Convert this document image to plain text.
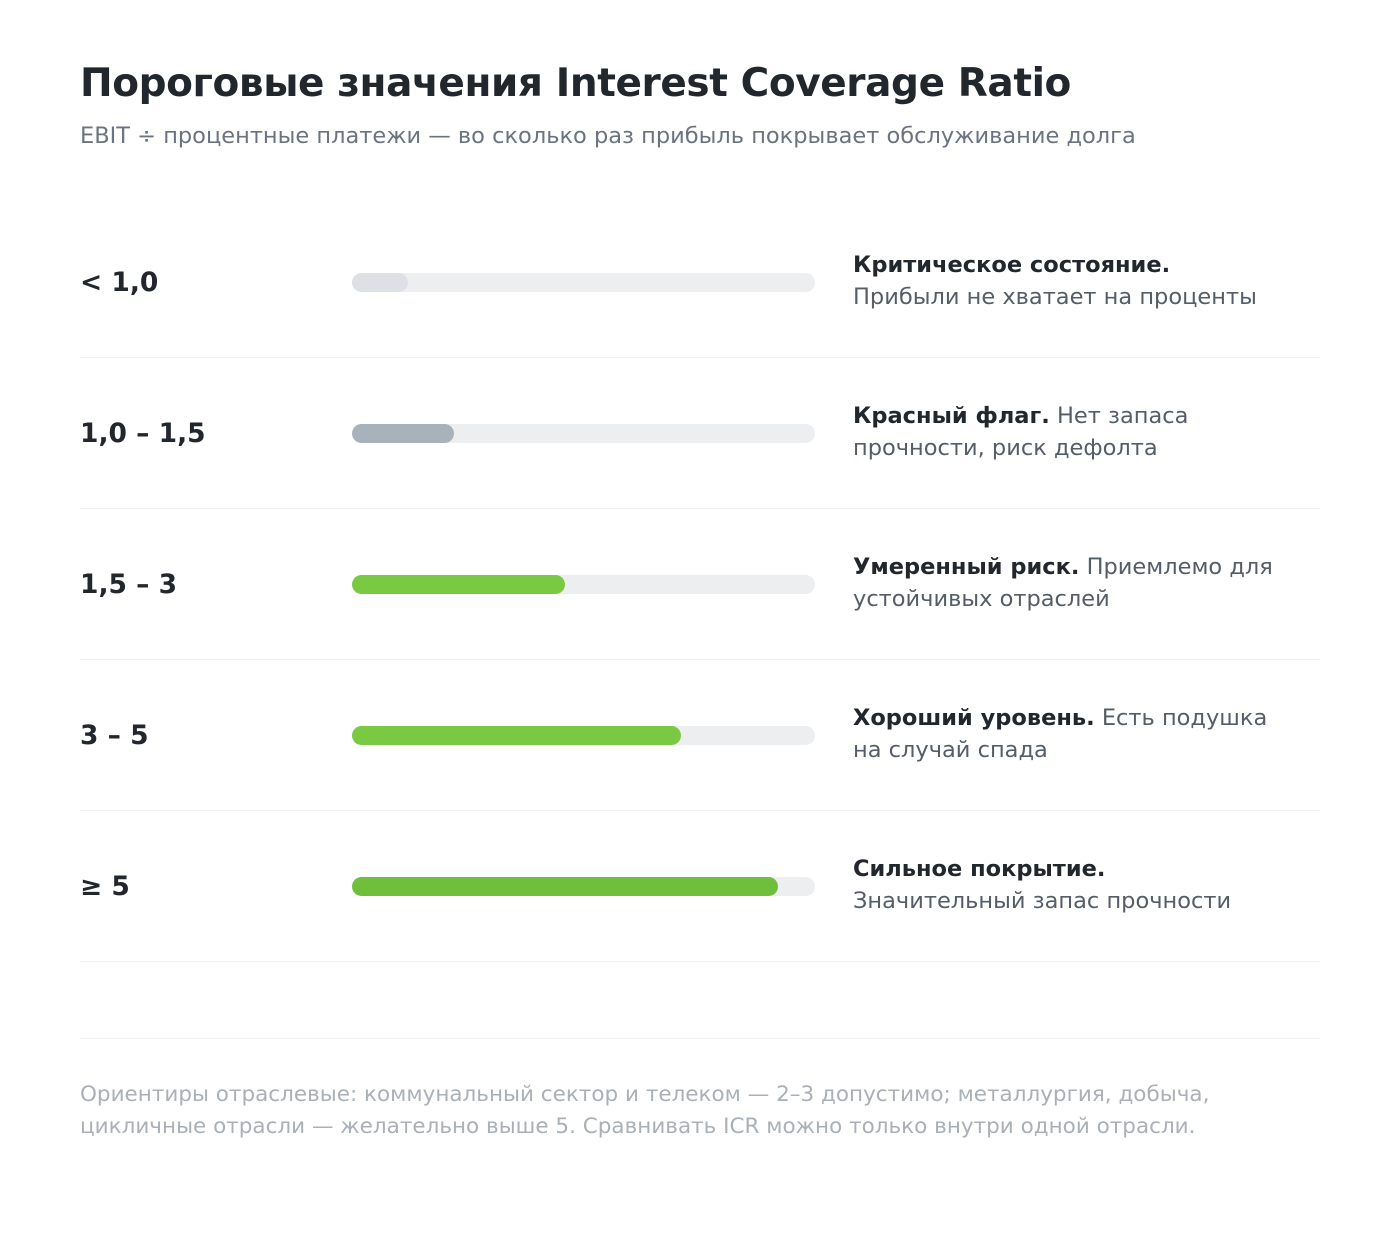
Пороговые значения Interest Coverage Ratio

EBIT ÷ процентные платежи — во сколько раз прибыль покрывает обслуживание долга

< 1,0
Критическое состояние. Прибыли не хватает на проценты
1,0 – 1,5
Красный флаг. Нет запаса прочности, риск дефолта
1,5 – 3
Умеренный риск. Приемлемо для устойчивых отраслей
3 – 5
Хороший уровень. Есть подушка на случай спада
≥ 5
Сильное покрытие. Значительный запас прочности
Ориентиры отраслевые: коммунальный сектор и телеком — 2–3 допустимо; металлургия, добыча, цикличные отрасли — желательно выше 5. Сравнивать ICR можно только внутри одной отрасли.
